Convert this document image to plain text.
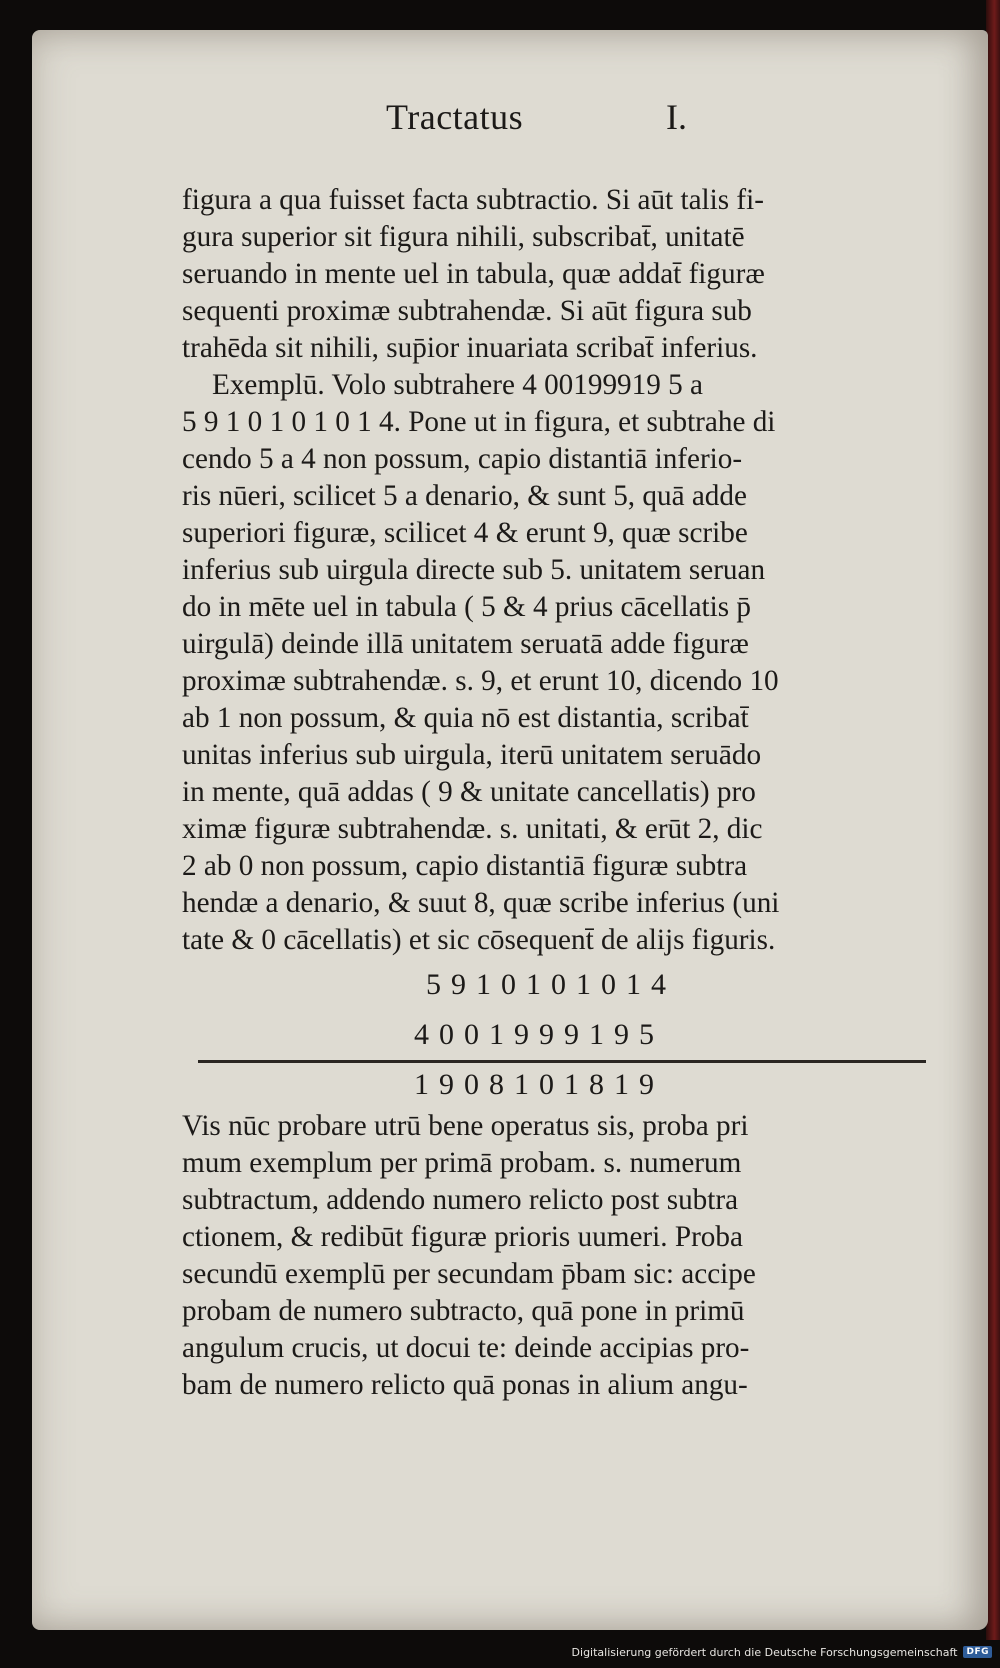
Tractatus	I.

figura a qua fuisset facta subtractio. Si aūt talis fi-

gura superior sit figura nihili, subscribat̄, unitatē

seruando in mente uel in tabula, quæ addat̄ figuræ

sequenti proximæ subtrahendæ. Si aūt figura sub

trahēda sit nihili, sup̄ior inuariata scribat̄ inferius.

Exemplū. Volo subtrahere 4 00199919 5 a

5 9 1 0 1 0 1 0 1 4. Pone ut in figura, et subtrahe di

cendo 5 a 4 non possum, capio distantiā inferio-

ris nūeri, scilicet 5 a denario, & sunt 5, quā adde

superiori figuræ, scilicet 4 & erunt 9, quæ scribe

inferius sub uirgula directe sub 5. unitatem seruan

do in mēte uel in tabula ( 5 & 4 prius cācellatis p̄

uirgulā) deinde illā unitatem seruatā adde figuræ

proximæ subtrahendæ. s. 9, et erunt 10, dicendo 10

ab 1 non possum, & quia nō est distantia, scribat̄

unitas inferius sub uirgula, iterū unitatem seruādo

in mente, quā addas ( 9 & unitate cancellatis) pro

ximæ figuræ subtrahendæ. s. unitati, & erūt 2, dic

2 ab 0 non possum, capio distantiā figuræ subtra

hendæ a denario, & suut 8, quæ scribe inferius (uni

tate & 0 cācellatis) et sic cōsequent̄ de alijs figuris.

5910101014
4001999195
1908101819

Vis nūc probare utrū bene operatus sis, proba pri

mum exemplum per primā probam. s. numerum

subtractum, addendo numero relicto post subtra

ctionem, & redibūt figuræ prioris uumeri. Proba

secundū exemplū per secundam p̄bam sic: accipe

probam de numero subtracto, quā pone in primū

angulum crucis, ut docui te: deinde accipias pro-

bam de numero relicto quā ponas in alium angu-

Digitalisierung gefördert durch die Deutsche Forschungsgemeinschaft	DFG
